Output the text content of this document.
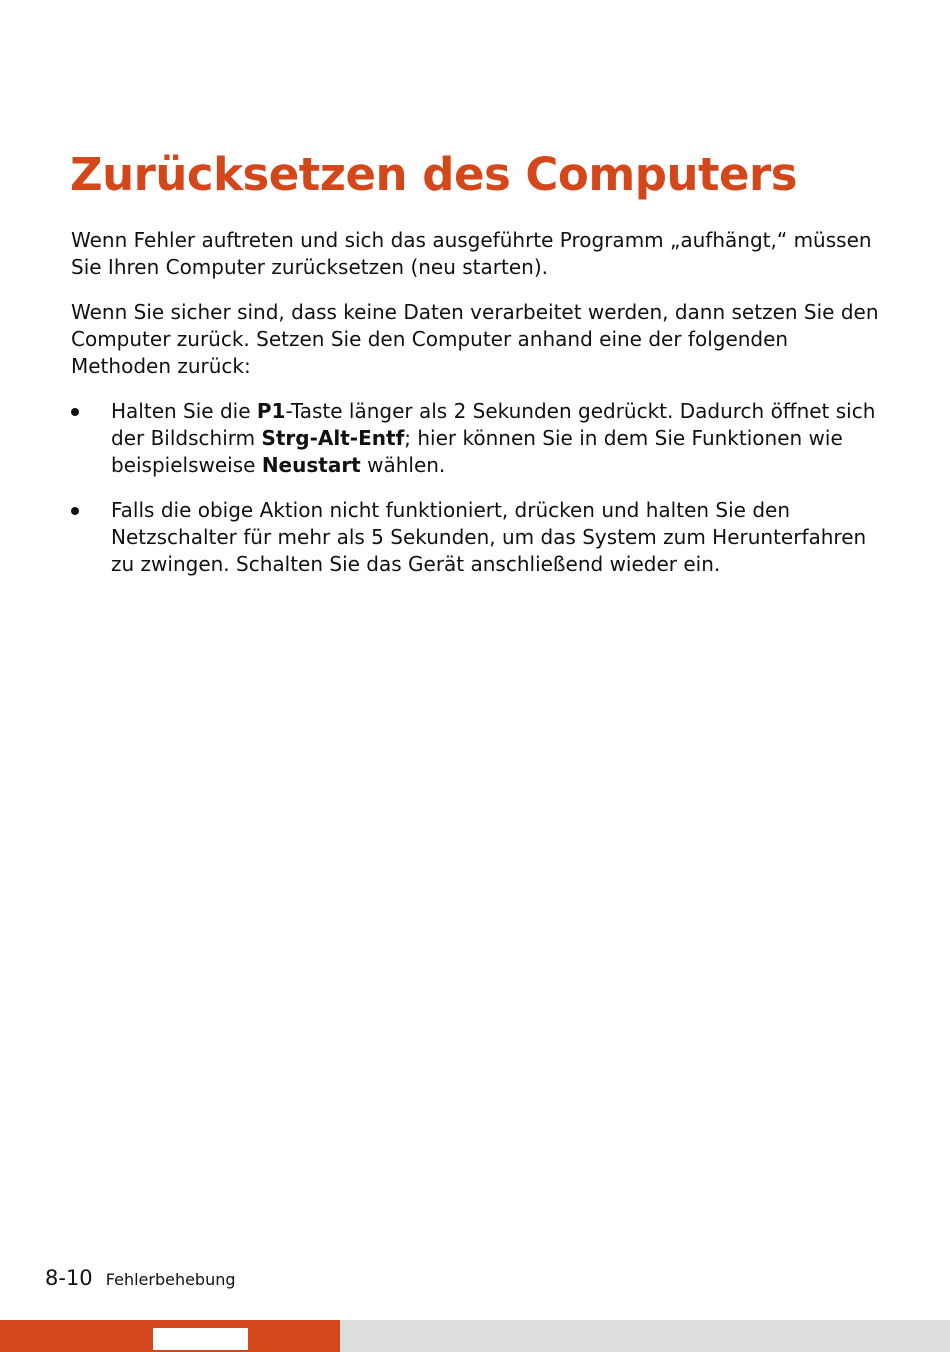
Zurücksetzen des Computers

Wenn Fehler auftreten und sich das ausgeführte Programm „aufhängt,“ müssen Sie Ihren Computer zurücksetzen (neu starten).

Wenn Sie sicher sind, dass keine Daten verarbeitet werden, dann setzen Sie den Computer zurück. Setzen Sie den Computer anhand eine der folgenden Methoden zurück:

Halten Sie die P1-Taste länger als 2 Sekunden gedrückt. Dadurch öffnet sich der Bildschirm Strg-Alt-Entf; hier können Sie in dem Sie Funktionen wie beispielsweise Neustart wählen.
Falls die obige Aktion nicht funktioniert, drücken und halten Sie den Netzschalter für mehr als 5 Sekunden, um das System zum Herunterfahren zu zwingen. Schalten Sie das Gerät anschließend wieder ein.
8-10 Fehlerbehebung
